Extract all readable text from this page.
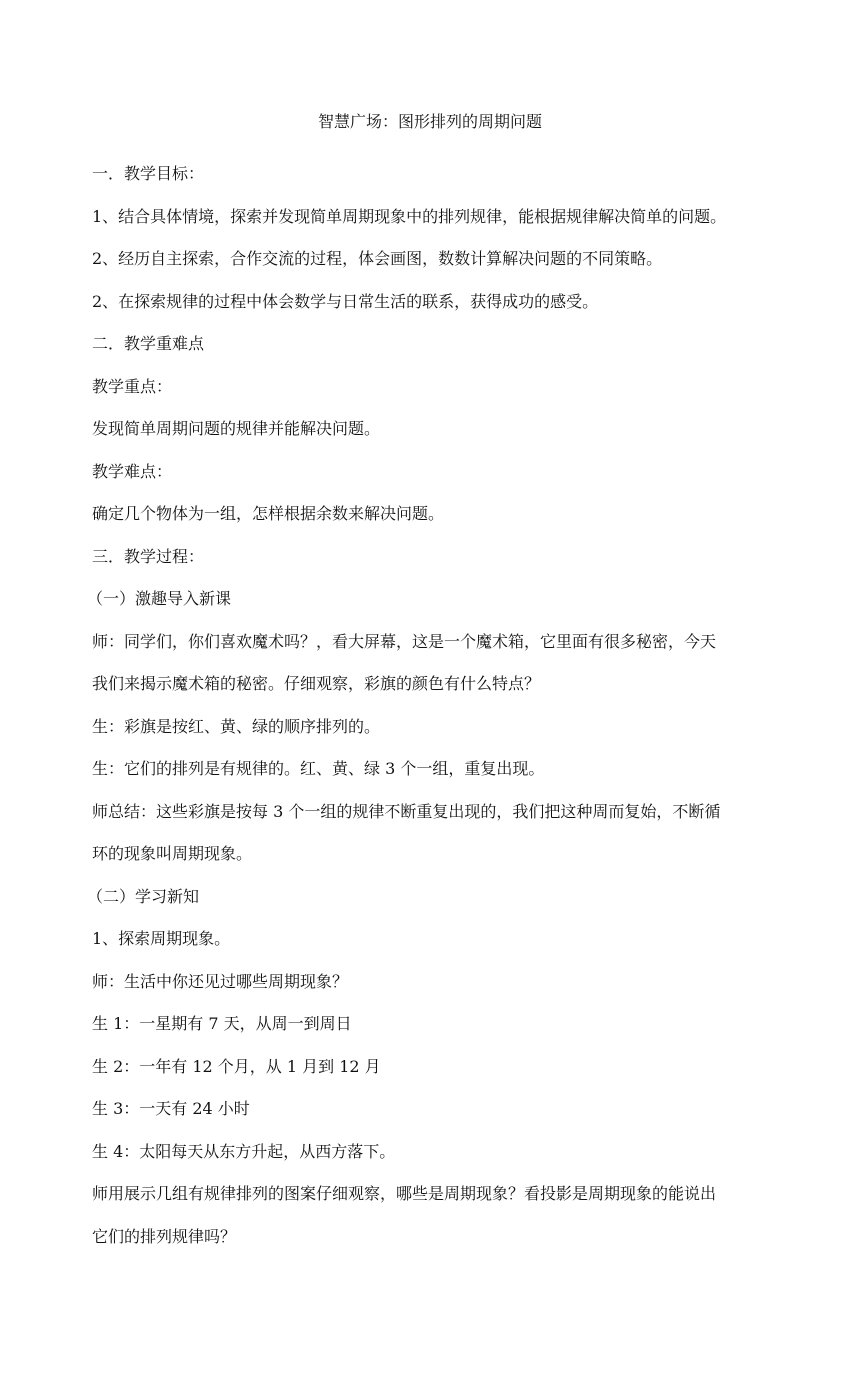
智慧广场：图形排列的周期问题
一．教学目标：
1、结合具体情境，探索并发现简单周期现象中的排列规律，能根据规律解决简单的问题。
2、经历自主探索，合作交流的过程，体会画图，数数计算解决问题的不同策略。
2、在探索规律的过程中体会数学与日常生活的联系，获得成功的感受。
二．教学重难点
教学重点：
发现简单周期问题的规律并能解决问题。
教学难点：
确定几个物体为一组，怎样根据余数来解决问题。
三．教学过程：
（一）激趣导入新课
师：同学们，你们喜欢魔术吗？，看大屏幕，这是一个魔术箱，它里面有很多秘密，今天
我们来揭示魔术箱的秘密。仔细观察，彩旗的颜色有什么特点？
生：彩旗是按红、黄、绿的顺序排列的。
生：它们的排列是有规律的。红、黄、绿 3 个一组，重复出现。
师总结：这些彩旗是按每 3 个一组的规律不断重复出现的，我们把这种周而复始，不断循
环的现象叫周期现象。
（二）学习新知
1、探索周期现象。
师：生活中你还见过哪些周期现象？
生 1：一星期有 7 天，从周一到周日
生 2：一年有 12 个月，从 1 月到 12 月
生 3：一天有 24 小时
生 4：太阳每天从东方升起，从西方落下。
师用展示几组有规律排列的图案仔细观察，哪些是周期现象？看投影是周期现象的能说出
它们的排列规律吗？
